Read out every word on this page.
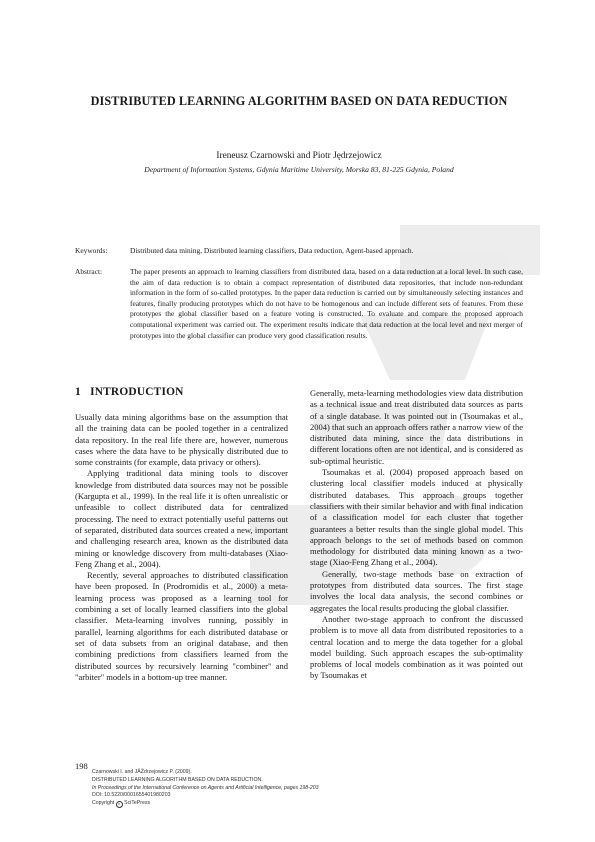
DISTRIBUTED LEARNING ALGORITHM BASED ON DATA REDUCTION
Ireneusz Czarnowski and Piotr Jędrzejowicz
Department of Information Systems, Gdynia Maritime University, Morska 83, 81-225 Gdynia, Poland
Keywords:	Distributed data mining, Distributed learning classifiers, Data reduction, Agent-based approach.
Abstract:	The paper presents an approach to learning classifiers from distributed data, based on a data reduction at a local level. In such case, the aim of data reduction is to obtain a compact representation of distributed data repositories, that include non-redundant information in the form of so-called prototypes. In the paper data reduction is carried out by simultaneously selecting instances and features, finally producing prototypes which do not have to be homogenous and can include different sets of features. From these prototypes the global classifier based on a feature voting is constructed. To evaluate and compare the proposed approach computational experiment was carried out. The experiment results indicate that data reduction at the local level and next merger of prototypes into the global classifier can produce very good classification results.
1 INTRODUCTION

Usually data mining algorithms base on the assumption that all the training data can be pooled together in a centralized data repository. In the real life there are, however, numerous cases where the data have to be physically distributed due to some constraints (for example, data privacy or others).

Applying traditional data mining tools to discover knowledge from distributed data sources may not be possible (Kargupta et al., 1999). In the real life it is often unrealistic or unfeasible to collect distributed data for centralized processing. The need to extract potentially useful patterns out of separated, distributed data sources created a new, important and challenging research area, known as the distributed data mining or knowledge discovery from multi-databases (Xiao-Feng Zhang et al., 2004).

Recently, several approaches to distributed classification have been proposed. In (Prodromidis et al., 2000) a meta-learning process was proposed as a learning tool for combining a set of locally learned classifiers into the global classifier. Meta-learning involves running, possibly in parallel, learning algorithms for each distributed database or set of data subsets from an original database, and then combining predictions from classifiers learned from the distributed sources by recursively learning "combiner" and "arbiter" models in a bottom-up tree manner.

Generally, meta-learning methodologies view data distribution as a technical issue and treat distributed data sources as parts of a single database. It was pointed out in (Tsoumakas et al., 2004) that such an approach offers rather a narrow view of the distributed data mining, since the data distributions in different locations often are not identical, and is considered as sub-optimal heuristic.

Tsoumakas et al. (2004) proposed approach based on clustering local classifier models induced at physically distributed databases. This approach groups together classifiers with their similar behavior and with final indication of a classification model for each cluster that together guarantees a better results than the single global model. This approach belongs to the set of methods based on common methodology for distributed data mining known as a two-stage (Xiao-Feng Zhang et al., 2004).

Generally, two-stage methods base on extraction of prototypes from distributed data sources. The first stage involves the local data analysis, the second combines or aggregates the local results producing the global classifier.

Another two-stage approach to confront the discussed problem is to move all data from distributed repositories to a central location and to merge the data together for a global model building. Such approach escapes the sub-optimality problems of local models combination as it was pointed out by Tsoumakas et

198
Czarnowski I. and JÄŽdrzejowicz P. (2009).
DISTRIBUTED LEARNING ALGORITHM BASED ON DATA REDUCTION.
In Proceedings of the International Conference on Agents and Artificial Intelligence, pages 198-203
DOI: 10.5220/0001655401980203
Copyright c SciTePress
